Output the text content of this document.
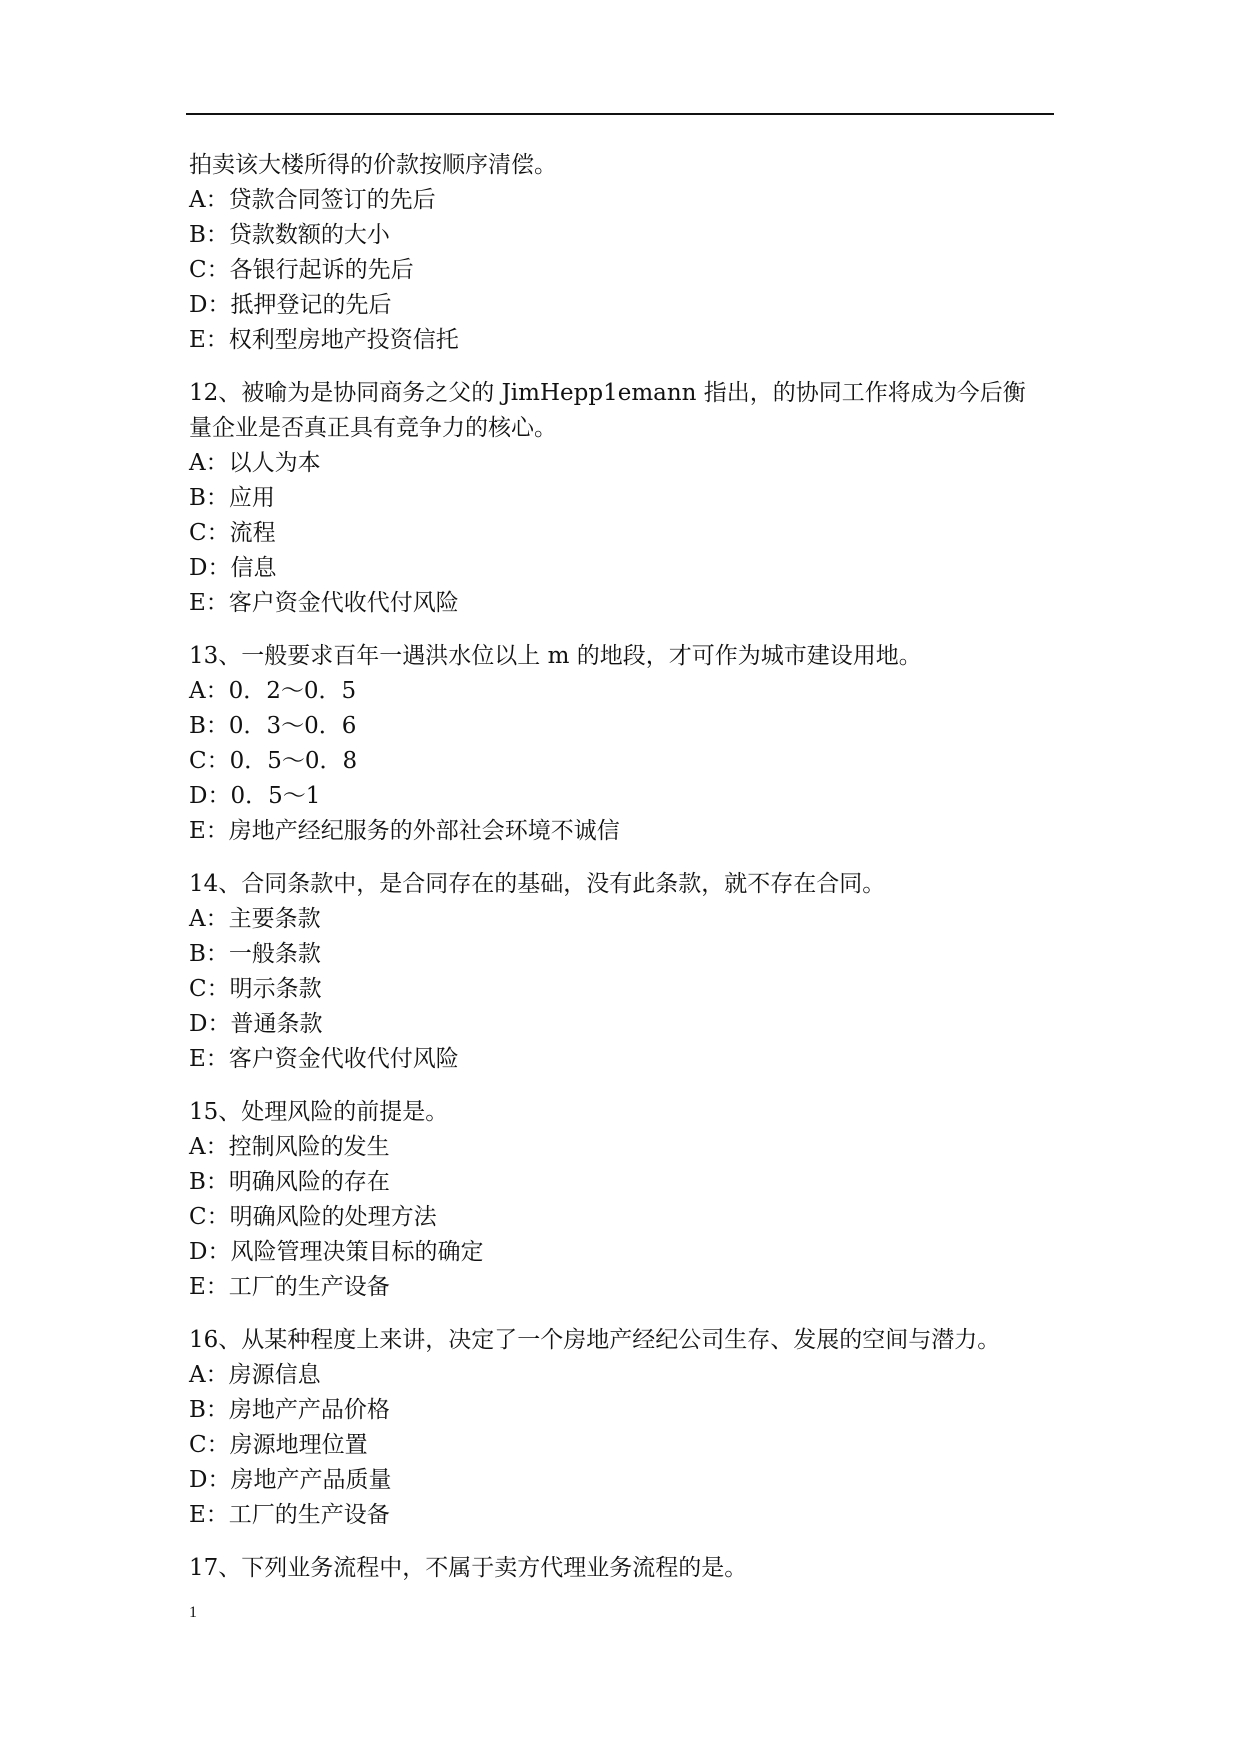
拍卖该大楼所得的价款按顺序清偿。
A：贷款合同签订的先后
B：贷款数额的大小
C：各银行起诉的先后
D：抵押登记的先后
E：权利型房地产投资信托
12、被喻为是协同商务之父的 JimHepp1emann 指出，的协同工作将成为今后衡
量企业是否真正具有竞争力的核心。
A：以人为本
B：应用
C：流程
D：信息
E：客户资金代收代付风险
13、一般要求百年一遇洪水位以上 m 的地段，才可作为城市建设用地。
A：0．2～0．5
B：0．3～0．6
C：0．5～0．8
D：0．5～1
E：房地产经纪服务的外部社会环境不诚信
14、合同条款中，是合同存在的基础，没有此条款，就不存在合同。
A：主要条款
B：一般条款
C：明示条款
D：普通条款
E：客户资金代收代付风险
15、处理风险的前提是。
A：控制风险的发生
B：明确风险的存在
C：明确风险的处理方法
D：风险管理决策目标的确定
E：工厂的生产设备
16、从某种程度上来讲，决定了一个房地产经纪公司生存、发展的空间与潜力。
A：房源信息
B：房地产产品价格
C：房源地理位置
D：房地产产品质量
E：工厂的生产设备
17、下列业务流程中，不属于卖方代理业务流程的是。
1
